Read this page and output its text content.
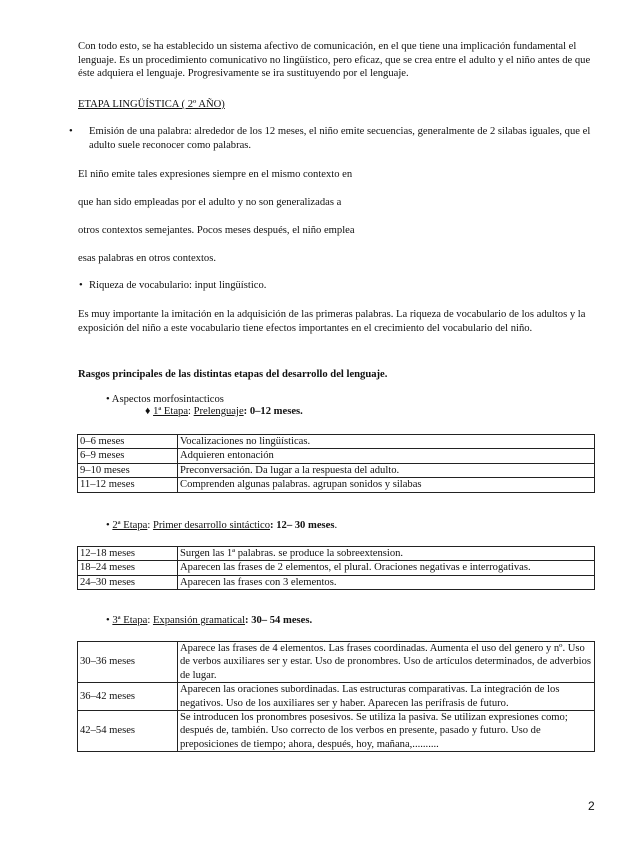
Con todo esto, se ha establecido un sistema afectivo de comunicación, en el que tiene una implicación fundamental el lenguaje. Es un procedimiento comunicativo no lingüístico, pero eficaz, que se crea entre el adulto y el niño antes de que éste adquiera el lenguaje. Progresivamente se ira sustituyendo por el lenguaje.

ETAPA LINGÜÍSTICA ( 2º AÑO)

• Emisión de una palabra: alrededor de los 12 meses, el niño emite secuencias, generalmente de 2 silabas iguales, que el adulto suele reconocer como palabras.

El niño emite tales expresiones siempre en el mismo contexto en

que han sido empleadas por el adulto y no son generalizadas a

otros contextos semejantes. Pocos meses después, el niño emplea

esas palabras en otros contextos.

• Riqueza de vocabulario: input lingüístico.

Es muy importante la imitación en la adquisición de las primeras palabras. La riqueza de vocabulario de los adultos y la exposición del niño a este vocabulario tiene efectos importantes en el crecimiento del vocabulario del niño.

Rasgos principales de las distintas etapas del desarrollo del lenguaje.

• Aspectos morfosintacticos
♦ 1ª Etapa: Prelenguaje: 0–12 meses.
0–6 meses	Vocalizaciones no lingüísticas.
6–9 meses	Adquieren entonación
9–10 meses	Preconversación. Da lugar a la respuesta del adulto.
11–12 meses	Comprenden algunas palabras. agrupan sonidos y silabas
• 2ª Etapa: Primer desarrollo sintáctico: 12– 30 meses.
12–18 meses	Surgen las 1ª palabras. se produce la sobreextension.
18–24 meses	Aparecen las frases de 2 elementos, el plural. Oraciones negativas e interrogativas.
24–30 meses	Aparecen las frases con 3 elementos.
• 3ª Etapa: Expansión gramatical: 30– 54 meses.
30–36 meses	Aparece las frases de 4 elementos. Las frases coordinadas. Aumenta el uso del genero y nº. Uso de verbos auxiliares ser y estar. Uso de pronombres. Uso de artículos determinados, de adverbios de lugar.
36–42 meses	Aparecen las oraciones subordinadas. Las estructuras comparativas. La integración de los negativos. Uso de los auxiliares ser y haber. Aparecen las perífrasis de futuro.
42–54 meses	Se introducen los pronombres posesivos. Se utiliza la pasiva. Se utilizan expresiones como; después de, también. Uso correcto de los verbos en presente, pasado y futuro. Uso de preposiciones de tiempo; ahora, después, hoy, mañana,..........
2
